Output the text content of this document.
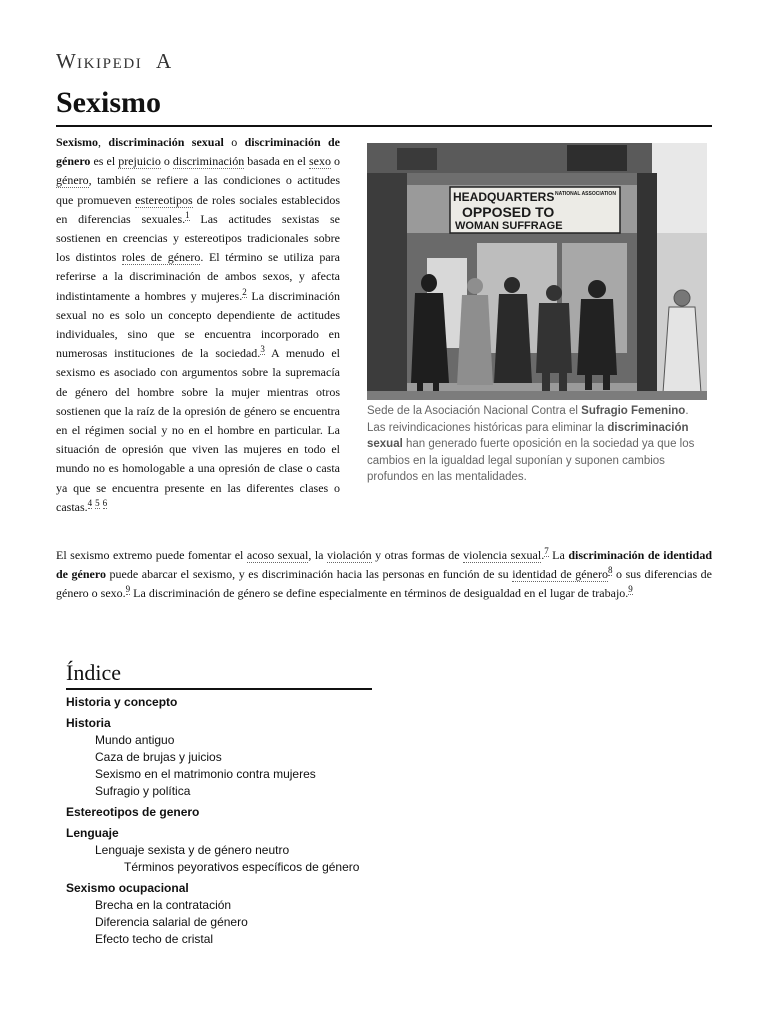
W IKIPEDI A
Sexismo

Sexismo, discriminación sexual o discriminación de género es el prejuicio o discriminación basada en el sexo o género, también se refiere a las condiciones o actitudes que promueven estereotipos de roles sociales establecidos en diferencias sexuales.$^1$ Las actitudes sexistas se sostienen en creencias y estereotipos tradicionales sobre los distintos roles de género. El término se utiliza para referirse a la discriminación de ambos sexos, y afecta indistintamente a hombres y mujeres.$^2$ La discriminación sexual no es solo un concepto dependiente de actitudes individuales, sino que se encuentra incorporado en numerosas instituciones de la sociedad.$^3$ A menudo el sexismo es asociado con argumentos sobre la supremacía de género del hombre sobre la mujer mientras otros sostienen que la raíz de la opresión de género se encuentra en el régimen social y no en el hombre en particular. La situación de opresión que viven las mujeres en todo el mundo no es homologable a una opresión de clase o casta ya que se encuentra presente en las diferentes clases o castas.$^4$ $^5$ $^6$

HEADQUARTERS NATIONAL ASSOCIATION
OPPOSED TO
WOMAN SUFFRAGE
Sede de la Asociación Nacional Contra el Sufragio Femenino. Las reivindicaciones históricas para eliminar la discriminación sexual han generado fuerte oposición en la sociedad ya que los cambios en la igualdad legal suponían y suponen cambios profundos en las mentalidades.

El sexismo extremo puede fomentar el acoso sexual, la violación y otras formas de violencia sexual.$^7$ La discriminación de identidad de género puede abarcar el sexismo, y es discriminación hacia las personas en función de su identidad de género$^8$ o sus diferencias de género o sexo.$^9$ La discriminación de género se define especialmente en términos de desigualdad en el lugar de trabajo.$^9$

Índice
Historia y concepto
Historia
Mundo antiguo
Caza de brujas y juicios
Sexismo en el matrimonio contra mujeres
Sufragio y política
Estereotipos de genero
Lenguaje
Lenguaje sexista y de género neutro
Términos peyorativos específicos de género
Sexismo ocupacional
Brecha en la contratación
Diferencia salarial de género
Efecto techo de cristal
